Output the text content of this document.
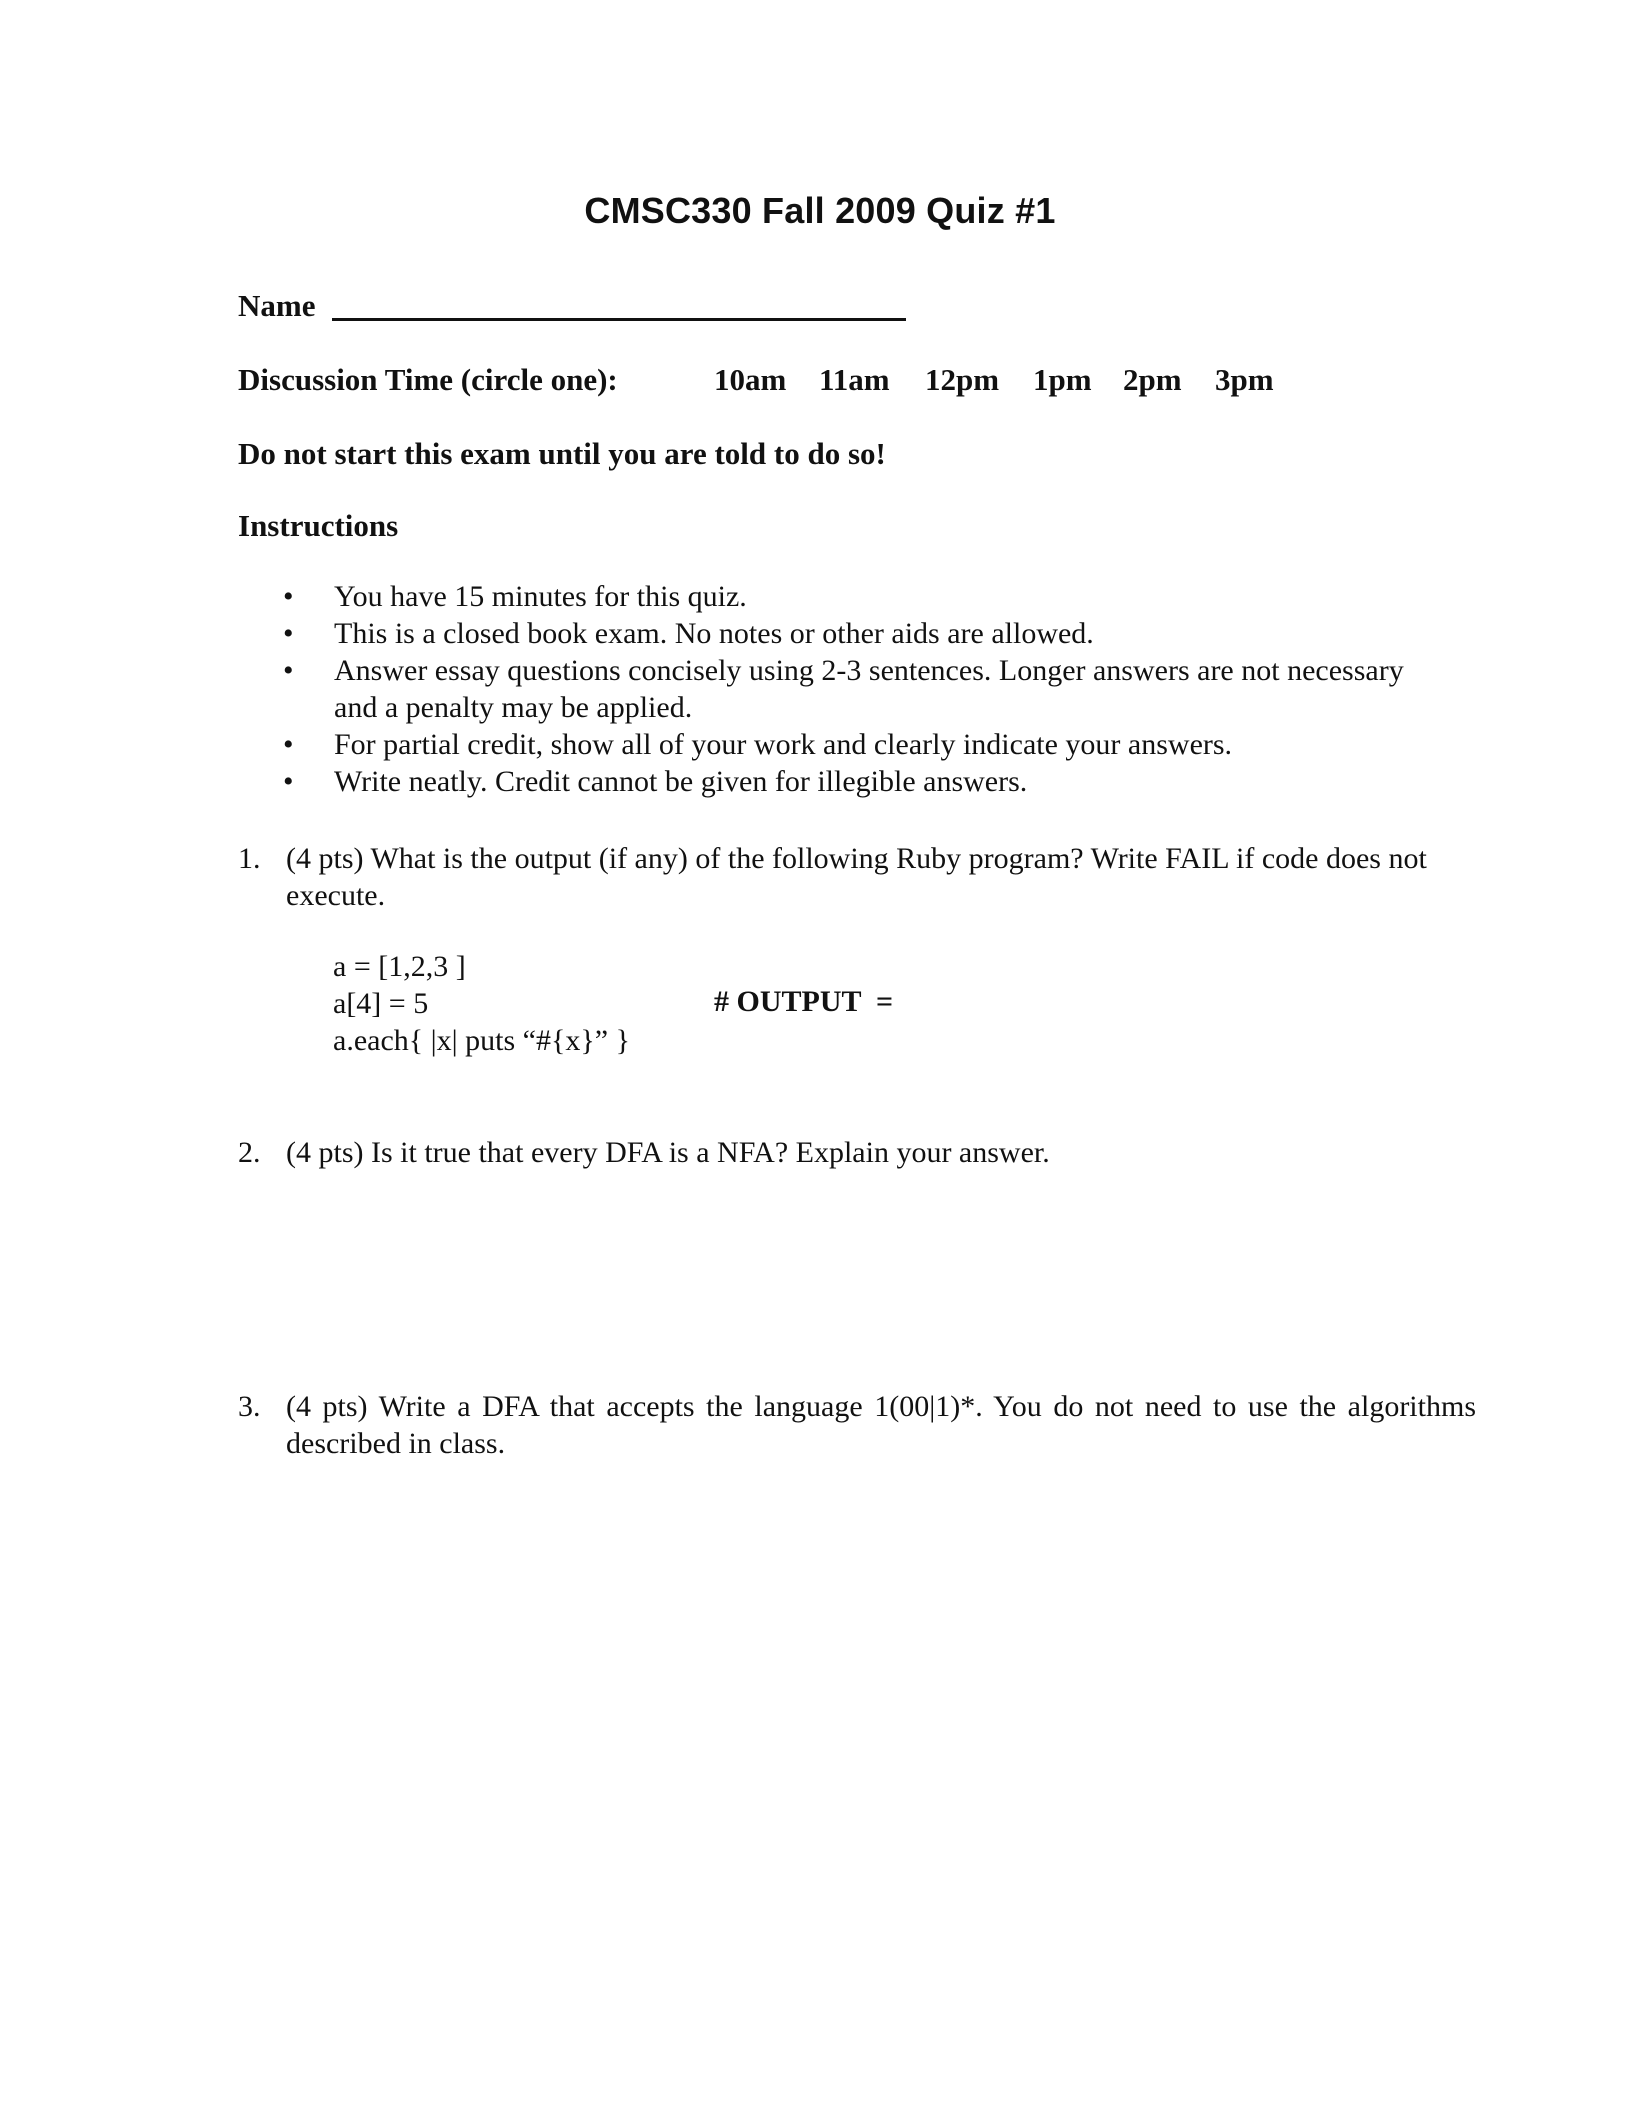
CMSC330 Fall 2009 Quiz #1
Name
Discussion Time (circle one):	10am 11am 12pm 1pm 2pm 3pm
Do not start this exam until you are told to do so!
Instructions
• You have 15 minutes for this quiz.
• This is a closed book exam. No notes or other aids are allowed.
• Answer essay questions concisely using 2-3 sentences. Longer answers are not necessary and a penalty may be applied.
• For partial credit, show all of your work and clearly indicate your answers.
• Write neatly. Credit cannot be given for illegible answers.
1. (4 pts) What is the output (if any) of the following Ruby program? Write FAIL if code does not execute.
a = [1,2,3 ]
a[4] = 5
a.each{ |x| puts “#{x}” }
# OUTPUT  =
2. (4 pts) Is it true that every DFA is a NFA? Explain your answer.
3. (4 pts) Write a DFA that accepts the language 1(00|1)*. You do not need to use the algorithms described in class.
